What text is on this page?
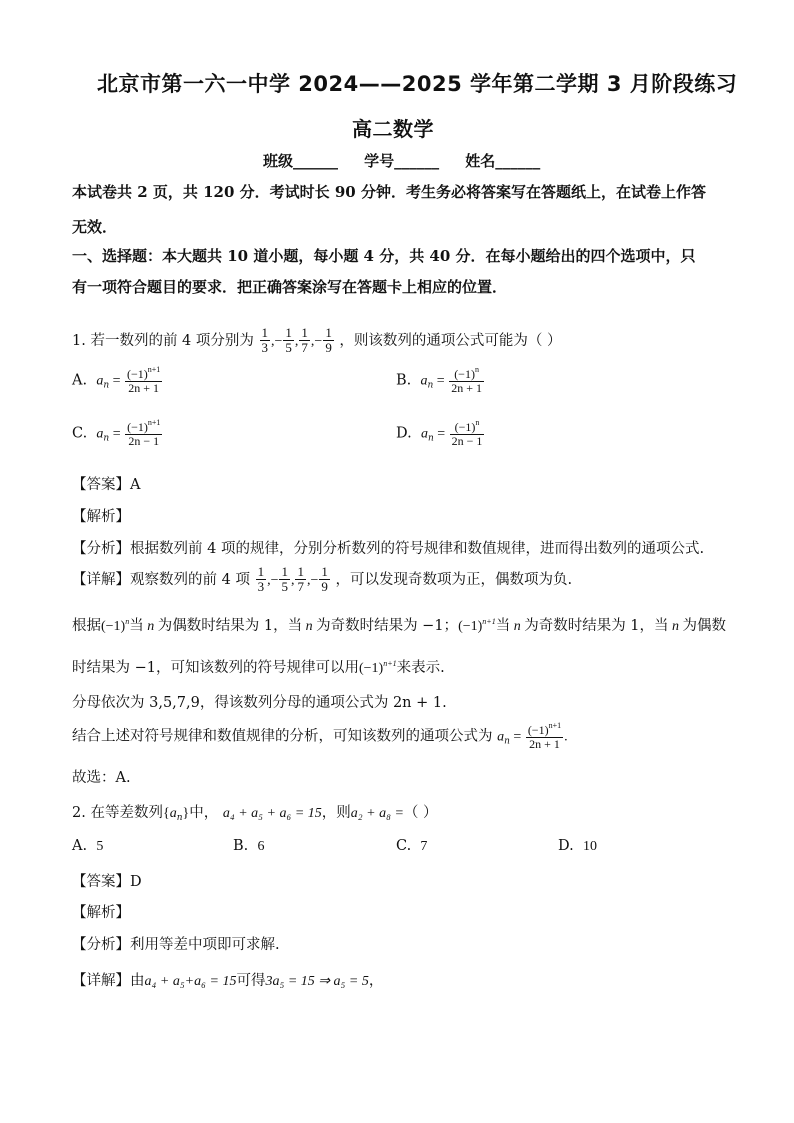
北京市第一六一中学 2024——2025 学年第二学期 3 月阶段练习
高二数学
班级______     学号______     姓名______
本试卷共 2 页，共 120 分．考试时长 90 分钟．考生务必将答案写在答题纸上，在试卷上作答
无效．
一、选择题：本大题共 10 道小题，每小题 4 分，共 40 分．在每小题给出的四个选项中，只
有一项符合题目的要求．把正确答案涂写在答题卡上相应的位置．
1. 若一数列的前 4 项分别为 $\frac{1}{3}$ ,− $\frac{1}{5}$ , $\frac{1}{7}$ ,− $\frac{1}{9}$ ，则该数列的通项公式可能为（ ）
A. $a_n = \frac{(-1)^{n+1}}{2n + 1}$	B. $a_n = \frac{(-1)^n}{2n + 1}$
C. $a_n = \frac{(-1)^{n+1}}{2n - 1}$	D. $a_n = \frac{(-1)^n}{2n - 1}$
【答案】A
【解析】
【分析】根据数列前 4 项的规律，分别分析数列的符号规律和数值规律，进而得出数列的通项公式.
【详解】观察数列的前 4 项 $\frac{1}{3}$ ,− $\frac{1}{5}$ , $\frac{1}{7}$ ,− $\frac{1}{9}$ ，可以发现奇数项为正，偶数项为负.
根据$(-1)^n$当 n 为偶数时结果为 1，当 n 为奇数时结果为 −1；$(-1)^{n+1}$当 n 为奇数时结果为 1，当 n 为偶数
时结果为 −1，可知该数列的符号规律可以用$(-1)^{n+1}$来表示.
分母依次为 3,5,7,9，得该数列分母的通项公式为 2n + 1.
结合上述对符号规律和数值规律的分析，可知该数列的通项公式为 $a_n = \frac{(-1)^{n+1}}{2n + 1}$ .
故选：A.
2. 在等差数列$\{a_n\}$中， a₄ + a₅ + a₆ = 15，则a₂ + a₈ =（ ）
A. 5	B. 6	C. 7	D. 10
【答案】D
【解析】
【分析】利用等差中项即可求解.
【详解】由a₄ + a₅+a₆ = 15可得3a₅ = 15 ⇒ a₅ = 5，
